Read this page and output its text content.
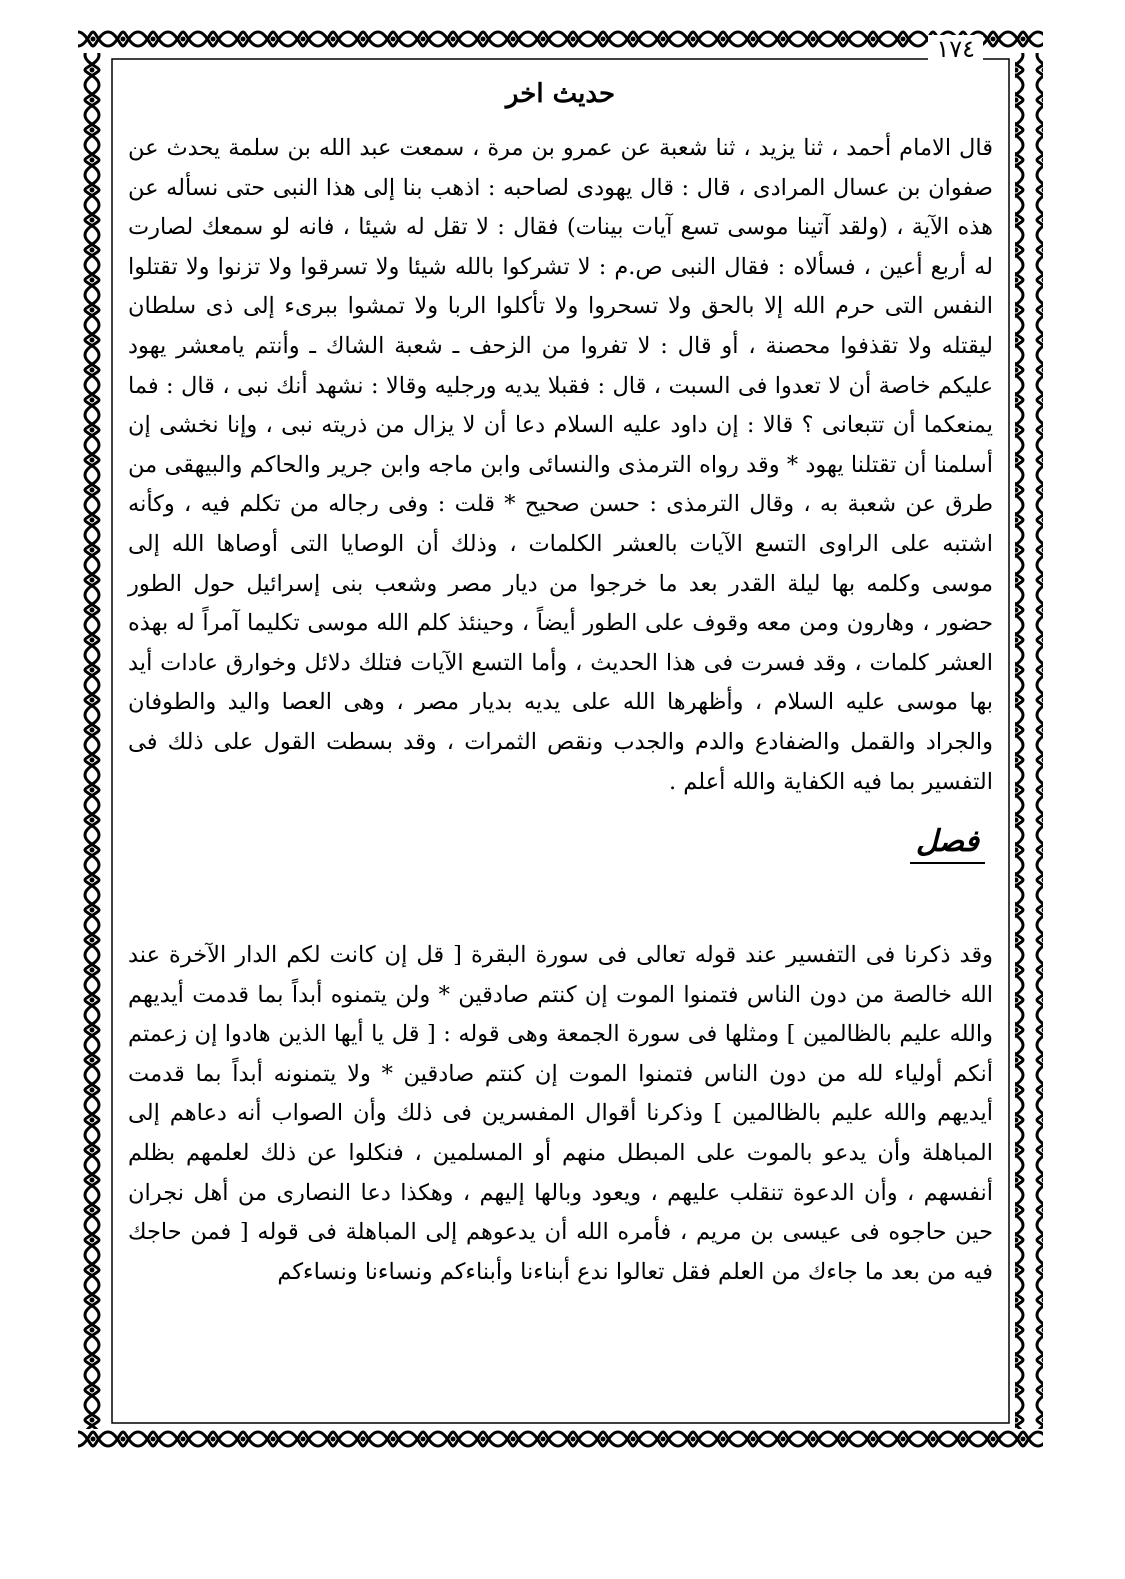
١٧٤
حديث اخر

قال الامام أحمد ، ثنا يزيد ، ثنا شعبة عن عمرو بن مرة ، سمعت عبد الله بن سلمة يحدث عن صفوان بن عسال المرادى ، قال : قال يهودى لصاحبه : اذهب بنا إلى هذا النبى حتى نسأله عن هذه الآية ، (ولقد آتينا موسى تسع آيات بينات) فقال : لا تقل له شيئا ، فانه لو سمعك لصارت له أربع أعين ، فسألاه : فقال النبى ص.م : لا تشركوا بالله شيئا ولا تسرقوا ولا تزنوا ولا تقتلوا النفس التى حرم الله إلا بالحق ولا تسحروا ولا تأكلوا الربا ولا تمشوا ببرىء إلى ذى سلطان ليقتله ولا تقذفوا محصنة ، أو قال : لا تفروا من الزحف ـ شعبة الشاك ـ وأنتم يامعشر يهود عليكم خاصة أن لا تعدوا فى السبت ، قال : فقبلا يديه ورجليه وقالا : نشهد أنك نبى ، قال : فما يمنعكما أن تتبعانى ؟ قالا : إن داود عليه السلام دعا أن لا يزال من ذريته نبى ، وإنا نخشى إن أسلمنا أن تقتلنا يهود * وقد رواه الترمذى والنسائى وابن ماجه وابن جرير والحاكم والبيهقى من طرق عن شعبة به ، وقال الترمذى : حسن صحيح * قلت : وفى رجاله من تكلم فيه ، وكأنه اشتبه على الراوى التسع الآيات بالعشر الكلمات ، وذلك أن الوصايا التى أوصاها الله إلى موسى وكلمه بها ليلة القدر بعد ما خرجوا من ديار مصر وشعب بنى إسرائيل حول الطور حضور ، وهارون ومن معه وقوف على الطور أيضاً ، وحينئذ كلم الله موسى تكليما آمراً له بهذه العشر كلمات ، وقد فسرت فى هذا الحديث ، وأما التسع الآيات فتلك دلائل وخوارق عادات أيد بها موسى عليه السلام ، وأظهرها الله على يديه بديار مصر ، وهى العصا واليد والطوفان والجراد والقمل والضفادع والدم والجدب ونقص الثمرات ، وقد بسطت القول على ذلك فى التفسير بما فيه الكفاية والله أعلم .

فصل

وقد ذكرنا فى التفسير عند قوله تعالى فى سورة البقرة [ قل إن كانت لكم الدار الآخرة عند الله خالصة من دون الناس فتمنوا الموت إن كنتم صادقين * ولن يتمنوه أبداً بما قدمت أيديهم والله عليم بالظالمين ] ومثلها فى سورة الجمعة وهى قوله : [ قل يا أيها الذين هادوا إن زعمتم أنكم أولياء لله من دون الناس فتمنوا الموت إن كنتم صادقين * ولا يتمنونه أبداً بما قدمت أيديهم والله عليم بالظالمين ] وذكرنا أقوال المفسرين فى ذلك وأن الصواب أنه دعاهم إلى المباهلة وأن يدعو بالموت على المبطل منهم أو المسلمين ، فنكلوا عن ذلك لعلمهم بظلم أنفسهم ، وأن الدعوة تنقلب عليهم ، ويعود وبالها إليهم ، وهكذا دعا النصارى من أهل نجران حين حاجوه فى عيسى بن مريم ، فأمره الله أن يدعوهم إلى المباهلة فى قوله [ فمن حاجك فيه من بعد ما جاءك من العلم فقل تعالوا ندع أبناءنا وأبناءكم ونساءنا ونساءكم
